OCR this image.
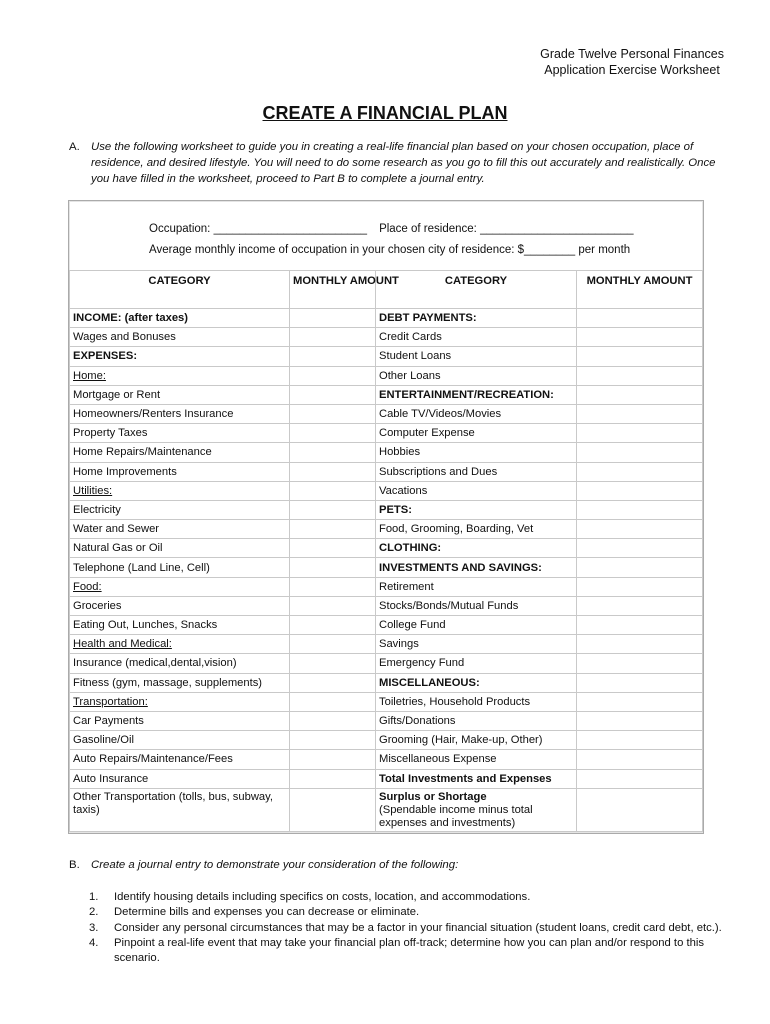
Grade Twelve Personal Finances
Application Exercise Worksheet
CREATE A FINANCIAL PLAN
A. Use the following worksheet to guide you in creating a real-life financial plan based on your chosen occupation, place of residence, and desired lifestyle. You will need to do some research as you go to fill this out accurately and realistically. Once you have filled in the worksheet, proceed to Part B to complete a journal entry.
Occupation: ________________________ Place of residence: ________________________
Average monthly income of occupation in your chosen city of residence: $________ per month
CATEGORY	MONTHLY AMOUNT	CATEGORY	MONTHLY AMOUNT
INCOME: (after taxes)		DEBT PAYMENTS:	
Wages and Bonuses		Credit Cards	
EXPENSES:		Student Loans	
Home:		Other Loans	
Mortgage or Rent		ENTERTAINMENT/RECREATION:	
Homeowners/Renters Insurance		Cable TV/Videos/Movies	
Property Taxes		Computer Expense	
Home Repairs/Maintenance		Hobbies	
Home Improvements		Subscriptions and Dues	
Utilities:		Vacations	
Electricity		PETS:	
Water and Sewer		Food, Grooming, Boarding, Vet	
Natural Gas or Oil		CLOTHING:	
Telephone (Land Line, Cell)		INVESTMENTS AND SAVINGS:	
Food:		Retirement	
Groceries		Stocks/Bonds/Mutual Funds	
Eating Out, Lunches, Snacks		College Fund	
Health and Medical:		Savings	
Insurance (medical,dental,vision)		Emergency Fund	
Fitness (gym, massage, supplements)		MISCELLANEOUS:	
Transportation:		Toiletries, Household Products	
Car Payments		Gifts/Donations	
Gasoline/Oil		Grooming (Hair, Make-up, Other)	
Auto Repairs/Maintenance/Fees		Miscellaneous Expense	
Auto Insurance		Total Investments and Expenses	
Other Transportation (tolls, bus, subway, taxis)		Surplus or Shortage
(Spendable income minus total expenses and investments)	

B. Create a journal entry to demonstrate your consideration of the following:
1. Identify housing details including specifics on costs, location, and accommodations.
2. Determine bills and expenses you can decrease or eliminate.
3. Consider any personal circumstances that may be a factor in your financial situation (student loans, credit card debt, etc.).
4. Pinpoint a real-life event that may take your financial plan off-track; determine how you can plan and/or respond to this scenario.
